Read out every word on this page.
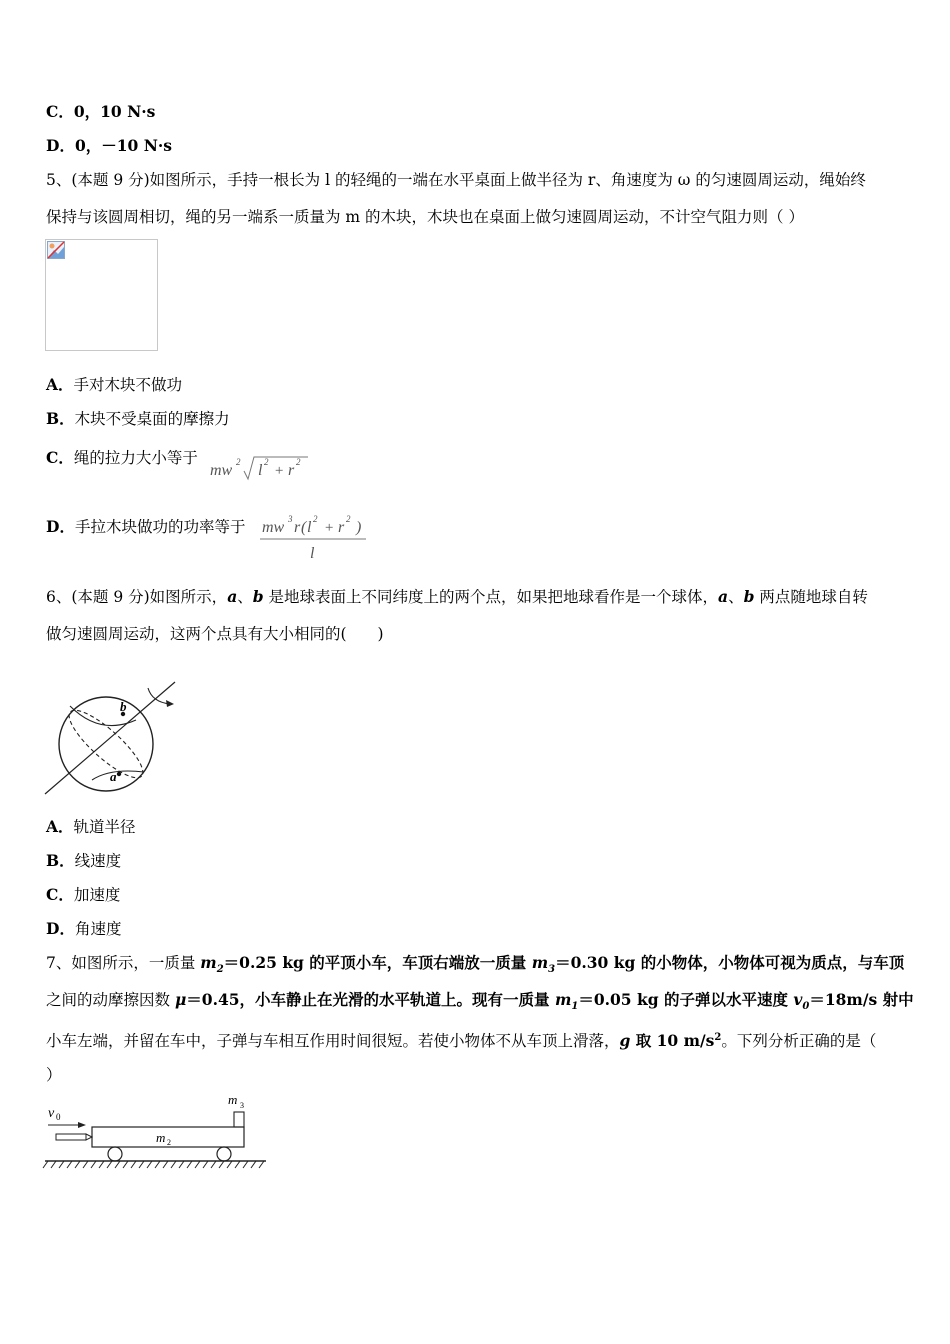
C．0，10 N·s
D．0，－10 N·s
5、(本题 9 分)如图所示，手持一根长为 l 的轻绳的一端在水平桌面上做半径为 r、角速度为 ω 的匀速圆周运动，绳始终
保持与该圆周相切，绳的另一端系一质量为 m 的木块，木块也在桌面上做匀速圆周运动，不计空气阻力则（ ）
A．手对木块不做功
B．木块不受桌面的摩擦力
C．绳的拉力大小等于
mw 2 l 2
+ r 2
D．手拉木块做功的功率等于 mw 3 r ( l 2
+ r 2 )
l
6、(本题 9 分)如图所示，a、b 是地球表面上不同纬度上的两个点，如果把地球看作是一个球体，a、b 两点随地球自转
做匀速圆周运动，这两个点具有大小相同的(　　)
b
a
A．轨道半径
B．线速度
C．加速度
D．角速度
7、如图所示，一质量 $m_2=0.25$ kg 的平顶小车，车顶右端放一质量 $m_3=0.30$ kg 的小物体，小物体可视为质点，与车顶
之间的动摩擦因数 μ＝0.45，小车静止在光滑的水平轨道上。现有一质量 $m_1=0.05$ kg 的子弹以水平速度 $v_0=18m/s$ 射中
小车左端，并留在车中，子弹与车相互作用时间很短。若使小物体不从车顶上滑落，g 取 10 $m/s^2$。下列分析正确的是（
）
v 0
m 2
m 3
